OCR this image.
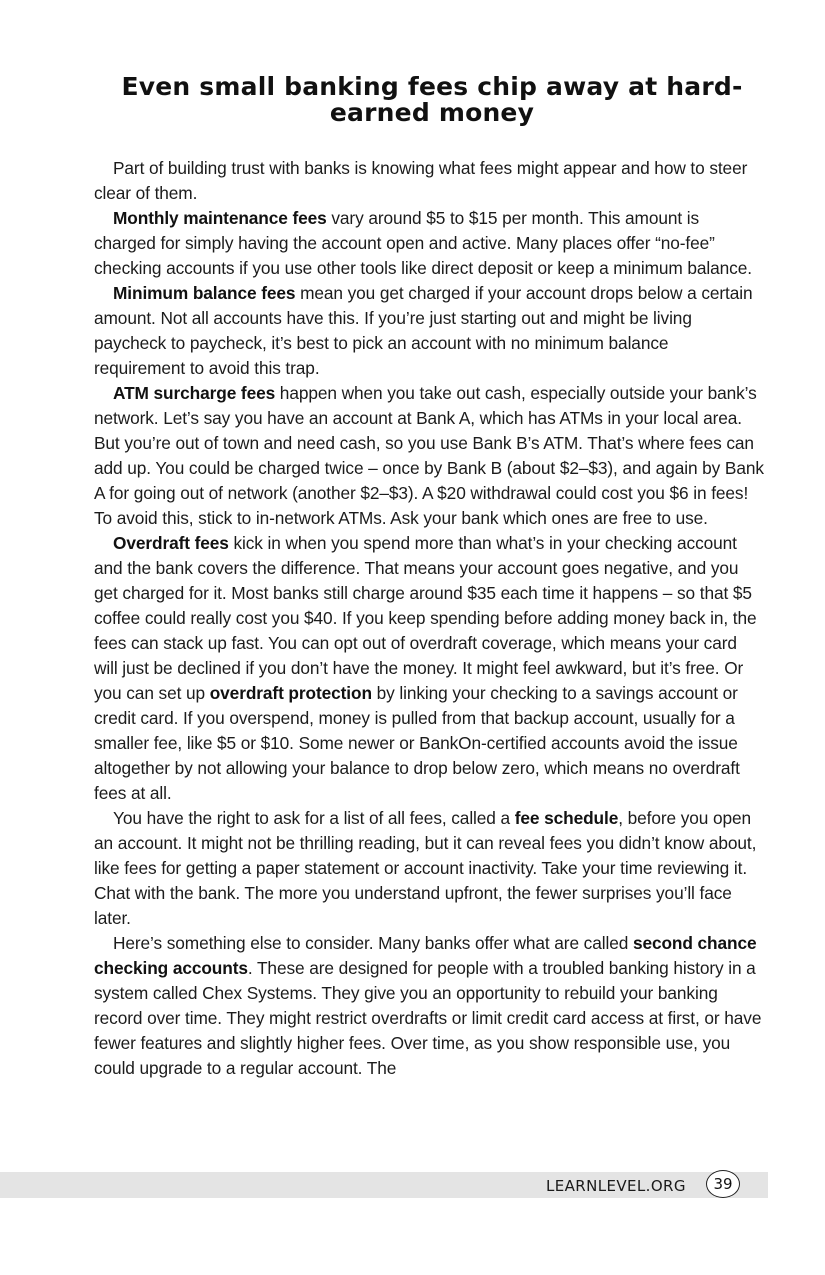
Even small banking fees chip away at hard-earned money

Part of building trust with banks is knowing what fees might appear and how to steer clear of them.

Monthly maintenance fees vary around $5 to $15 per month. This amount is charged for simply having the account open and active. Many places offer “no-fee” checking accounts if you use other tools like direct deposit or keep a minimum balance.

Minimum balance fees mean you get charged if your account drops below a certain amount. Not all accounts have this. If you’re just starting out and might be living paycheck to paycheck, it’s best to pick an account with no minimum balance requirement to avoid this trap.

ATM surcharge fees happen when you take out cash, especially outside your bank’s network. Let’s say you have an account at Bank A, which has ATMs in your local area. But you’re out of town and need cash, so you use Bank B’s ATM. That’s where fees can add up. You could be charged twice – once by Bank B (about $2–$3), and again by Bank A for going out of network (another $2–$3). A $20 withdrawal could cost you $6 in fees! To avoid this, stick to in-network ATMs. Ask your bank which ones are free to use.

Overdraft fees kick in when you spend more than what’s in your checking account and the bank covers the difference. That means your account goes negative, and you get charged for it. Most banks still charge around $35 each time it happens – so that $5 coffee could really cost you $40. If you keep spending before adding money back in, the fees can stack up fast. You can opt out of overdraft coverage, which means your card will just be declined if you don’t have the money. It might feel awkward, but it’s free. Or you can set up overdraft protection by linking your checking to a savings account or credit card. If you overspend, money is pulled from that backup account, usually for a smaller fee, like $5 or $10. Some newer or BankOn-certified accounts avoid the issue altogether by not allowing your balance to drop below zero, which means no overdraft fees at all.

You have the right to ask for a list of all fees, called a fee schedule, before you open an account. It might not be thrilling reading, but it can reveal fees you didn’t know about, like fees for getting a paper statement or account inactivity. Take your time reviewing it. Chat with the bank. The more you understand upfront, the fewer surprises you’ll face later.

Here’s something else to consider. Many banks offer what are called second chance checking accounts. These are designed for people with a troubled banking history in a system called Chex Systems. They give you an opportunity to rebuild your banking record over time. They might restrict overdrafts or limit credit card access at first, or have fewer features and slightly higher fees. Over time, as you show responsible use, you could upgrade to a regular account. The

LEARNLEVEL.ORG	39
